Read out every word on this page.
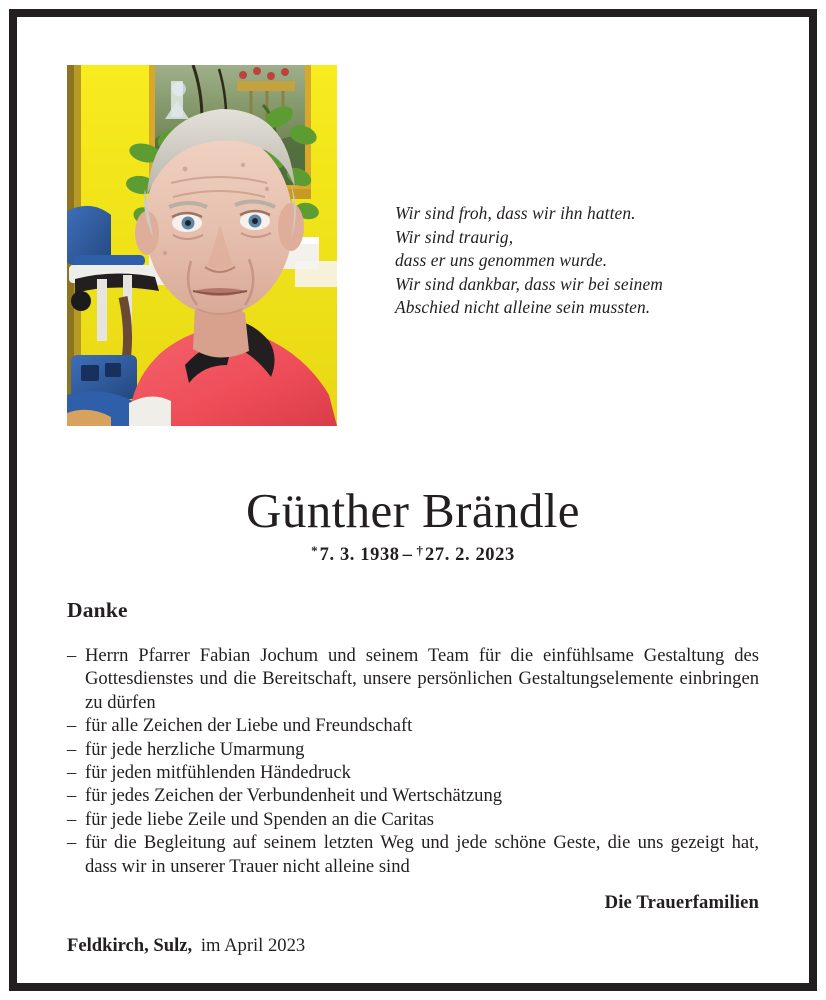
Wir sind froh, dass wir ihn hatten.
Wir sind traurig,
dass er uns genommen wurde.
Wir sind dankbar, dass wir bei seinem
Abschied nicht alleine sein mussten.
Günther Brändle
* 7. 3. 1938 – † 27. 2. 2023
Danke
– Herrn Pfarrer Fabian Jochum und seinem Team für die einfühlsame Gestaltung des Gottesdienstes und die Bereitschaft, unsere persönlichen Gestaltungselemente einbringen zu dürfen
– für alle Zeichen der Liebe und Freundschaft
– für jede herzliche Umarmung
– für jeden mitfühlenden Händedruck
– für jedes Zeichen der Verbundenheit und Wertschätzung
– für jede liebe Zeile und Spenden an die Caritas
– für die Begleitung auf seinem letzten Weg und jede schöne Geste, die uns gezeigt hat, dass wir in unserer Trauer nicht alleine sind
Die Trauerfamilien
Feldkirch, Sulz, im April 2023
